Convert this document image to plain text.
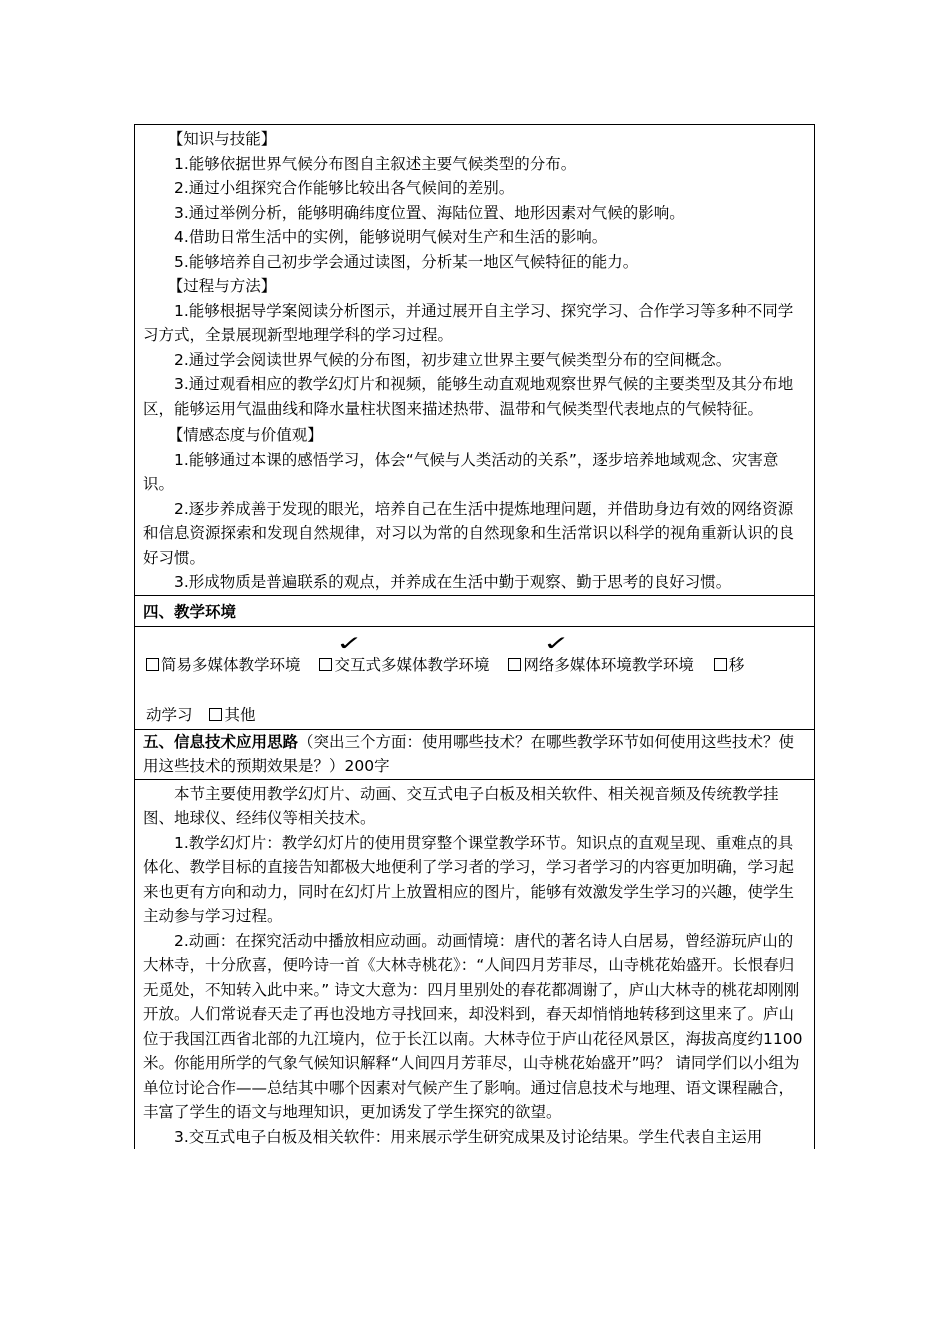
【知识与技能】

1.能够依据世界气候分布图自主叙述主要气候类型的分布。

2.通过小组探究合作能够比较出各气候间的差别。

3.通过举例分析，能够明确纬度位置、海陆位置、地形因素对气候的影响。

4.借助日常生活中的实例，能够说明气候对生产和生活的影响。

5.能够培养自己初步学会通过读图，分析某一地区气候特征的能力。

【过程与方法】

1.能够根据导学案阅读分析图示，并通过展开自主学习、探究学习、合作学习等多种不同学习方式，全景展现新型地理学科的学习过程。

2.通过学会阅读世界气候的分布图，初步建立世界主要气候类型分布的空间概念。

3.通过观看相应的教学幻灯片和视频，能够生动直观地观察世界气候的主要类型及其分布地区，能够运用气温曲线和降水量柱状图来描述热带、温带和气候类型代表地点的气候特征。

【情感态度与价值观】

1.能够通过本课的感悟学习，体会“气候与人类活动的关系”，逐步培养地域观念、灾害意识。

2.逐步养成善于发现的眼光，培养自己在生活中提炼地理问题，并借助身边有效的网络资源和信息资源探索和发现自然规律，对习以为常的自然现象和生活常识以科学的视角重新认识的良好习惯。

3.形成物质是普遍联系的观点，并养成在生活中勤于观察、勤于思考的良好习惯。

四、教学环境

简易多媒体教学环境
✓
交互式多媒体教学环境
✓
网络多媒体环境教学环境 移

动学习 其他

五、信息技术应用思路（突出三个方面：使用哪些技术？在哪些教学环节如何使用这些技术？使用这些技术的预期效果是？）200字

本节主要使用教学幻灯片、动画、交互式电子白板及相关软件、相关视音频及传统教学挂图、地球仪、经纬仪等相关技术。

1.教学幻灯片：教学幻灯片的使用贯穿整个课堂教学环节。知识点的直观呈现、重难点的具体化、教学目标的直接告知都极大地便利了学习者的学习，学习者学习的内容更加明确，学习起来也更有方向和动力，同时在幻灯片上放置相应的图片，能够有效激发学生学习的兴趣，使学生主动参与学习过程。

2.动画：在探究活动中播放相应动画。动画情境：唐代的著名诗人白居易，曾经游玩庐山的大林寺，十分欣喜，便吟诗一首《大林寺桃花》：“人间四月芳菲尽，山寺桃花始盛开。长恨春归无觅处，不知转入此中来。” 诗文大意为：四月里别处的春花都凋谢了，庐山大林寺的桃花却刚刚开放。人们常说春天走了再也没地方寻找回来，却没料到，春天却悄悄地转移到这里来了。庐山位于我国江西省北部的九江境内，位于长江以南。大林寺位于庐山花径风景区，海拔高度约1100米。你能用所学的气象气候知识解释“人间四月芳菲尽，山寺桃花始盛开”吗？ 请同学们以小组为单位讨论合作——总结其中哪个因素对气候产生了影响。通过信息技术与地理、语文课程融合，丰富了学生的语文与地理知识，更加诱发了学生探究的欲望。

3.交互式电子白板及相关软件：用来展示学生研究成果及讨论结果。学生代表自主运用
